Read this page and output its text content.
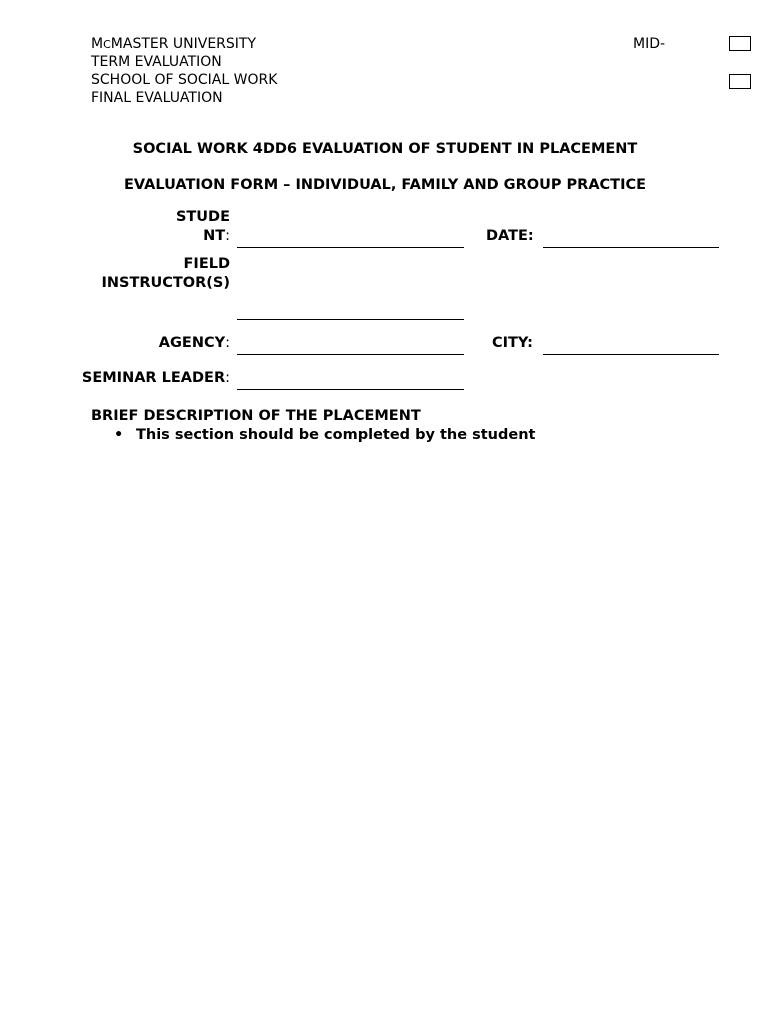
MCMASTER UNIVERSITY
TERM EVALUATION
SCHOOL OF SOCIAL WORK
FINAL EVALUATION
MID-
SOCIAL WORK 4DD6 EVALUATION OF STUDENT IN PLACEMENT
EVALUATION FORM – INDIVIDUAL, FAMILY AND GROUP PRACTICE
STUDE
NT:	DATE:
FIELD
INSTRUCTOR(S)
AGENCY:	CITY:
SEMINAR LEADER:
BRIEF DESCRIPTION OF THE PLACEMENT
• This section should be completed by the student
